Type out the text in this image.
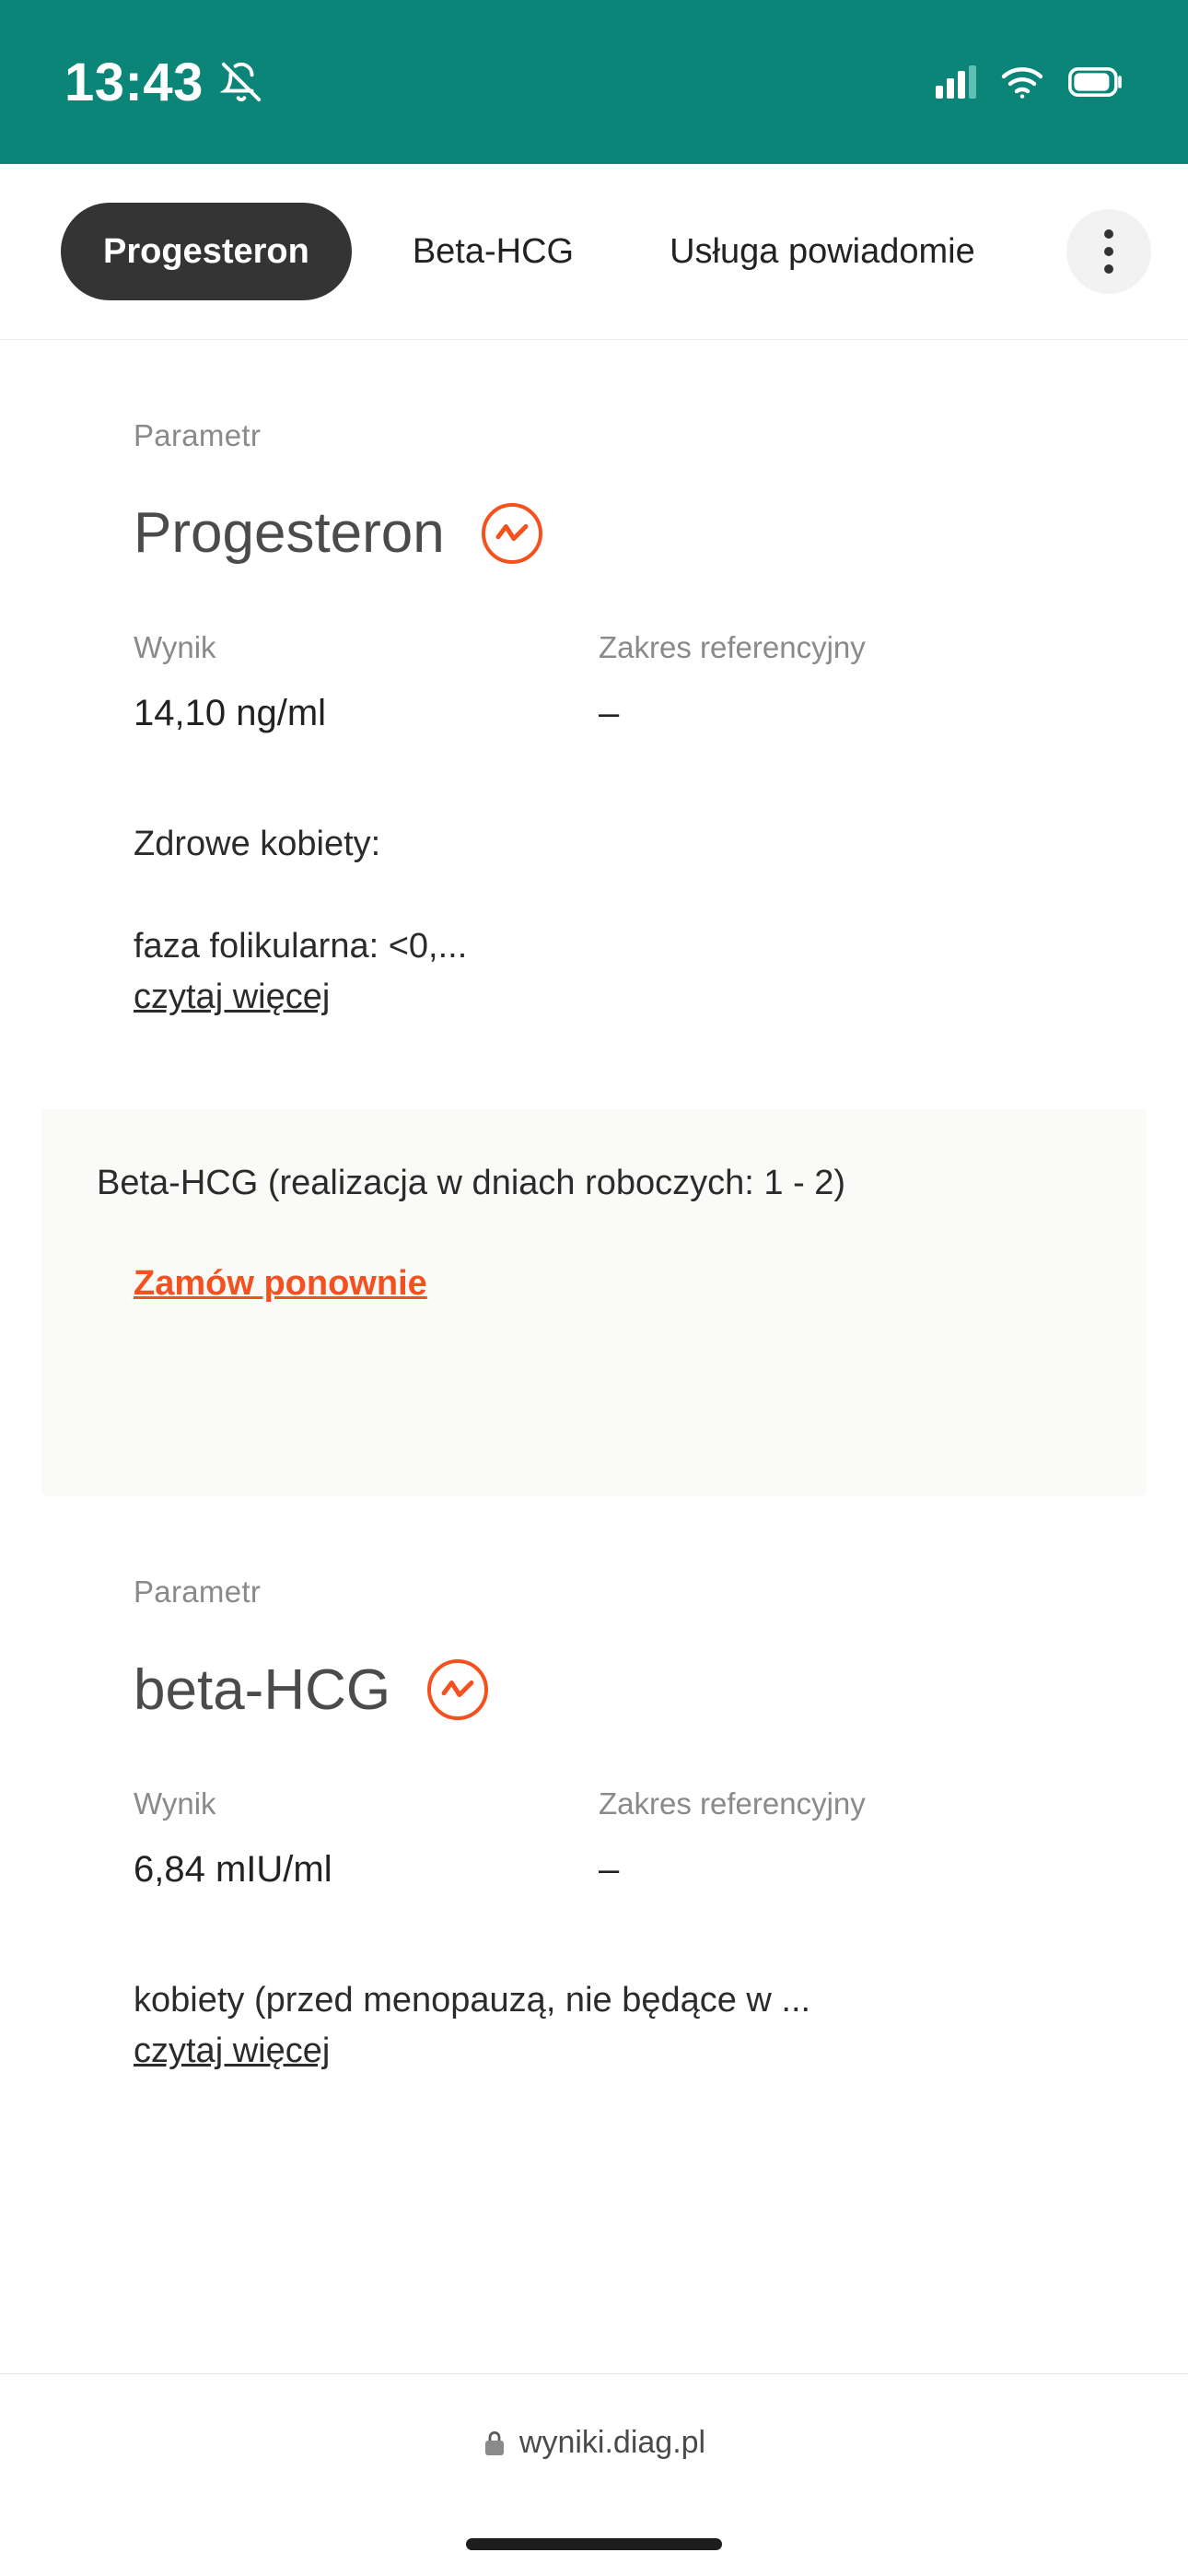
13:43
Progesteron	Beta-HCG	Usługa powiadomie
Parametr
Progesteron
Wynik
14,10 ng/ml
Zakres referencyjny
–
Zdrowe kobiety:
faza folikularna: <0,...
czytaj więcej
Beta-HCG (realizacja w dniach roboczych: 1 - 2)
Zamów ponownie
Parametr
beta-HCG
Wynik
6,84 mIU/ml
Zakres referencyjny
–
kobiety (przed menopauzą, nie będące w ...
czytaj więcej
wyniki.diag.pl
